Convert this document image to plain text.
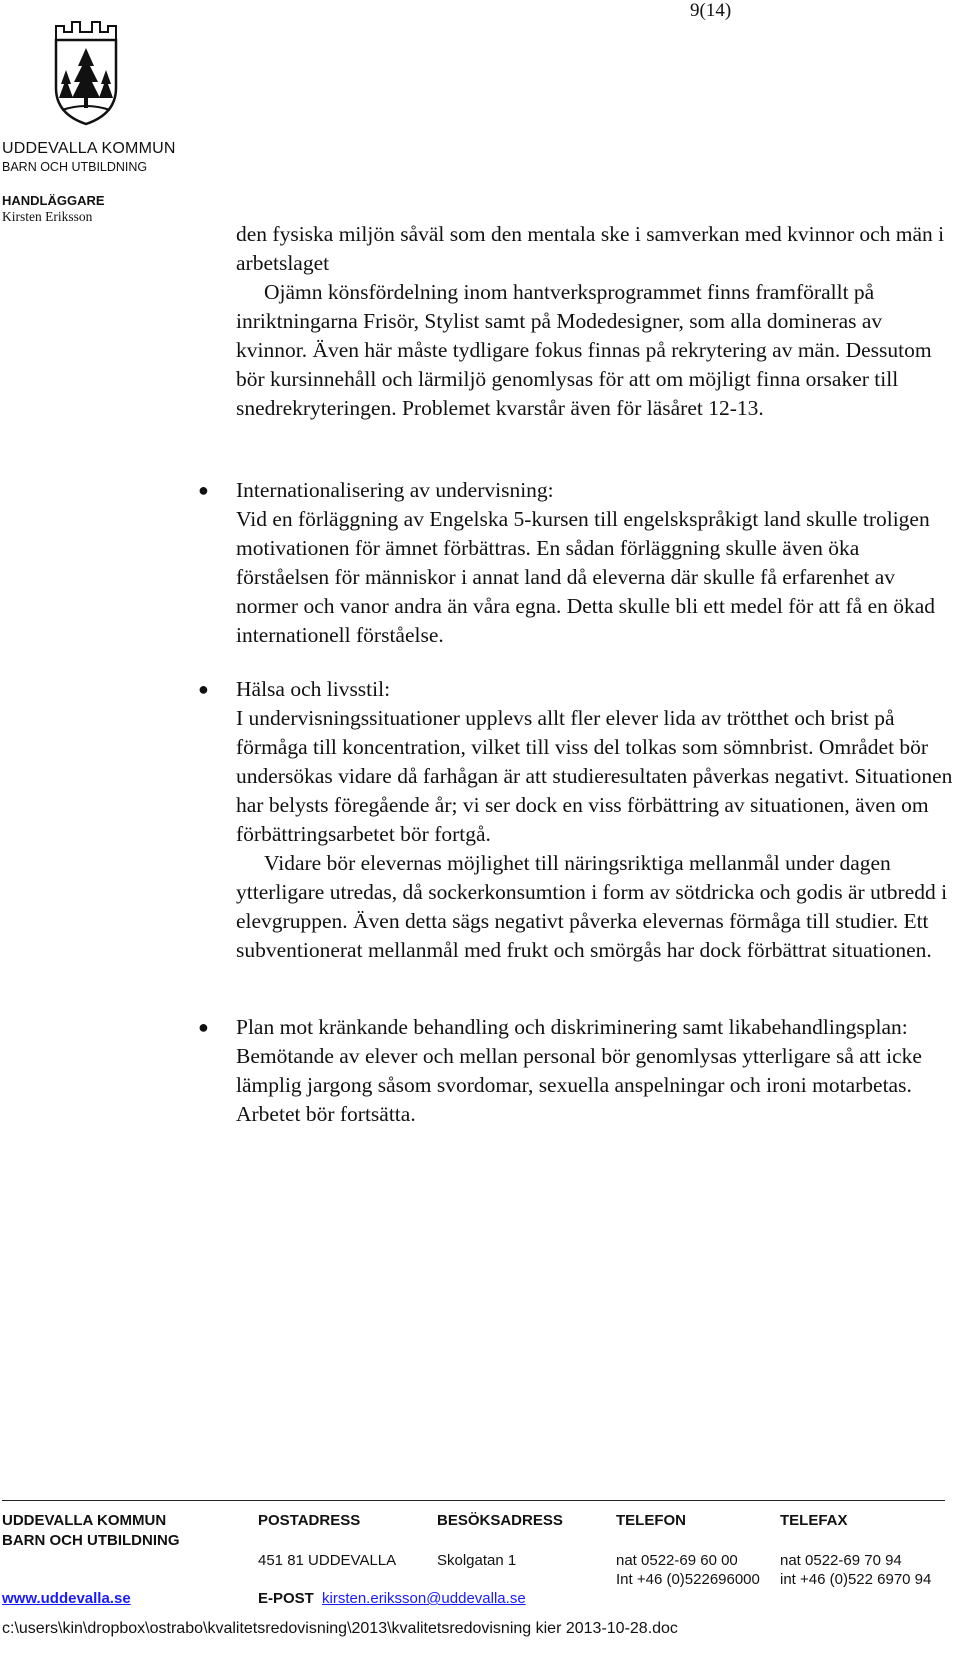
9(14)
UDDEVALLA KOMMUN
BARN OCH UTBILDNING
HANDLÄGGARE
Kirsten Eriksson

den fysiska miljön såväl som den mentala ske i samverkan med kvinnor och män i arbetslaget

Ojämn könsfördelning inom hantverksprogrammet finns framförallt på inriktningarna Frisör, Stylist samt på Modedesigner, som alla domineras av kvinnor. Även här måste tydligare fokus finnas på rekrytering av män. Dessutom bör kursinnehåll och lärmiljö genomlysas för att om möjligt finna orsaker till snedrekryteringen. Problemet kvarstår även för läsåret 12-13.

● Internationalisering av undervisning:

Vid en förläggning av Engelska 5-kursen till engelskspråkigt land skulle troligen motivationen för ämnet förbättras. En sådan förläggning skulle även öka förståelsen för människor i annat land då eleverna där skulle få erfarenhet av normer och vanor andra än våra egna. Detta skulle bli ett medel för att få en ökad internationell förståelse.

● Hälsa och livsstil:

I undervisningssituationer upplevs allt fler elever lida av trötthet och brist på förmåga till koncentration, vilket till viss del tolkas som sömnbrist. Området bör undersökas vidare då farhågan är att studieresultaten påverkas negativt. Situationen har belysts föregående år; vi ser dock en viss förbättring av situationen, även om förbättringsarbetet bör fortgå.

Vidare bör elevernas möjlighet till näringsriktiga mellanmål under dagen ytterligare utredas, då sockerkonsumtion i form av sötdricka och godis är utbredd i elevgruppen. Även detta sägs negativt påverka elevernas förmåga till studier. Ett subventionerat mellanmål med frukt och smörgås har dock förbättrat situationen.

● Plan mot kränkande behandling och diskriminering samt likabehandlingsplan:

Bemötande av elever och mellan personal bör genomlysas ytterligare så att icke lämplig jargong såsom svordomar, sexuella anspelningar och ironi motarbetas. Arbetet bör fortsätta.

UDDEVALLA KOMMUN
BARN OCH UTBILDNING
www.uddevalla.se
POSTADRESS
451 81 UDDEVALLA
E-POST kirsten.eriksson@uddevalla.se
BESÖKSADRESS
Skolgatan 1
TELEFON
nat 0522-69 60 00
Int +46 (0)522696000
TELEFAX
nat 0522-69 70 94
int +46 (0)522 6970 94
c:\users\kin\dropbox\ostrabo\kvalitetsredovisning\2013\kvalitetsredovisning kier 2013-10-28.doc
